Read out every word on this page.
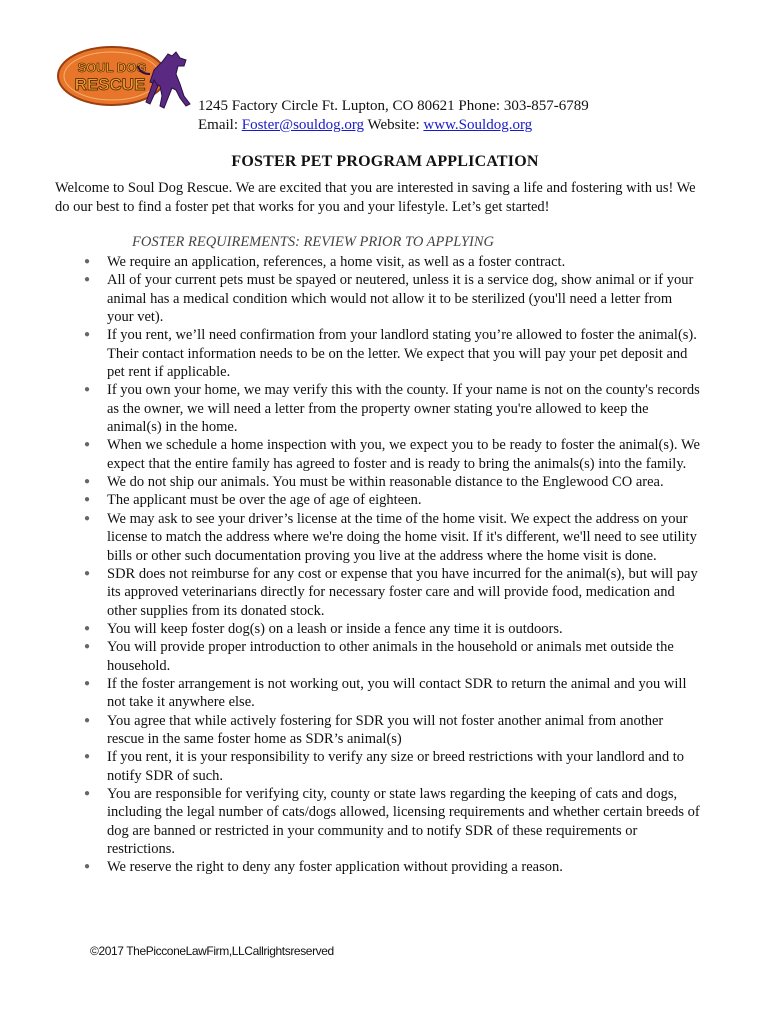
SOUL DOG
RESCUE
1245 Factory Circle Ft. Lupton, CO 80621 Phone: 303-857-6789
Email: Foster@souldog.org Website: www.Souldog.org
FOSTER PET PROGRAM APPLICATION
Welcome to Soul Dog Rescue. We are excited that you are interested in saving a life and fostering with us! We do our best to find a foster pet that works for you and your lifestyle. Let’s get started!
FOSTER REQUIREMENTS: REVIEW PRIOR TO APPLYING
● We require an application, references, a home visit, as well as a foster contract.
● All of your current pets must be spayed or neutered, unless it is a service dog, show animal or if your animal has a medical condition which would not allow it to be sterilized (you'll need a letter from your vet).
● If you rent, we’ll need confirmation from your landlord stating you’re allowed to foster the animal(s). Their contact information needs to be on the letter. We expect that you will pay your pet deposit and pet rent if applicable.
● If you own your home, we may verify this with the county. If your name is not on the county's records as the owner, we will need a letter from the property owner stating you're allowed to keep the animal(s) in the home.
● When we schedule a home inspection with you, we expect you to be ready to foster the animal(s). We expect that the entire family has agreed to foster and is ready to bring the animals(s) into the family.
● We do not ship our animals. You must be within reasonable distance to the Englewood CO area.
● The applicant must be over the age of age of eighteen.
● We may ask to see your driver’s license at the time of the home visit. We expect the address on your license to match the address where we're doing the home visit. If it's different, we'll need to see utility bills or other such documentation proving you live at the address where the home visit is done.
● SDR does not reimburse for any cost or expense that you have incurred for the animal(s), but will pay its approved veterinarians directly for necessary foster care and will provide food, medication and other supplies from its donated stock.
● You will keep foster dog(s) on a leash or inside a fence any time it is outdoors.
● You will provide proper introduction to other animals in the household or animals met outside the household.
● If the foster arrangement is not working out, you will contact SDR to return the animal and you will not take it anywhere else.
● You agree that while actively fostering for SDR you will not foster another animal from another rescue in the same foster home as SDR’s animal(s)
● If you rent, it is your responsibility to verify any size or breed restrictions with your landlord and to notify SDR of such.
● You are responsible for verifying city, county or state laws regarding the keeping of cats and dogs, including the legal number of cats/dogs allowed, licensing requirements and whether certain breeds of dog are banned or restricted in your community and to notify SDR of these requirements or restrictions.
● We reserve the right to deny any foster application without providing a reason.
©2017 ThePicconeLawFirm,LLCallrightsreserved
